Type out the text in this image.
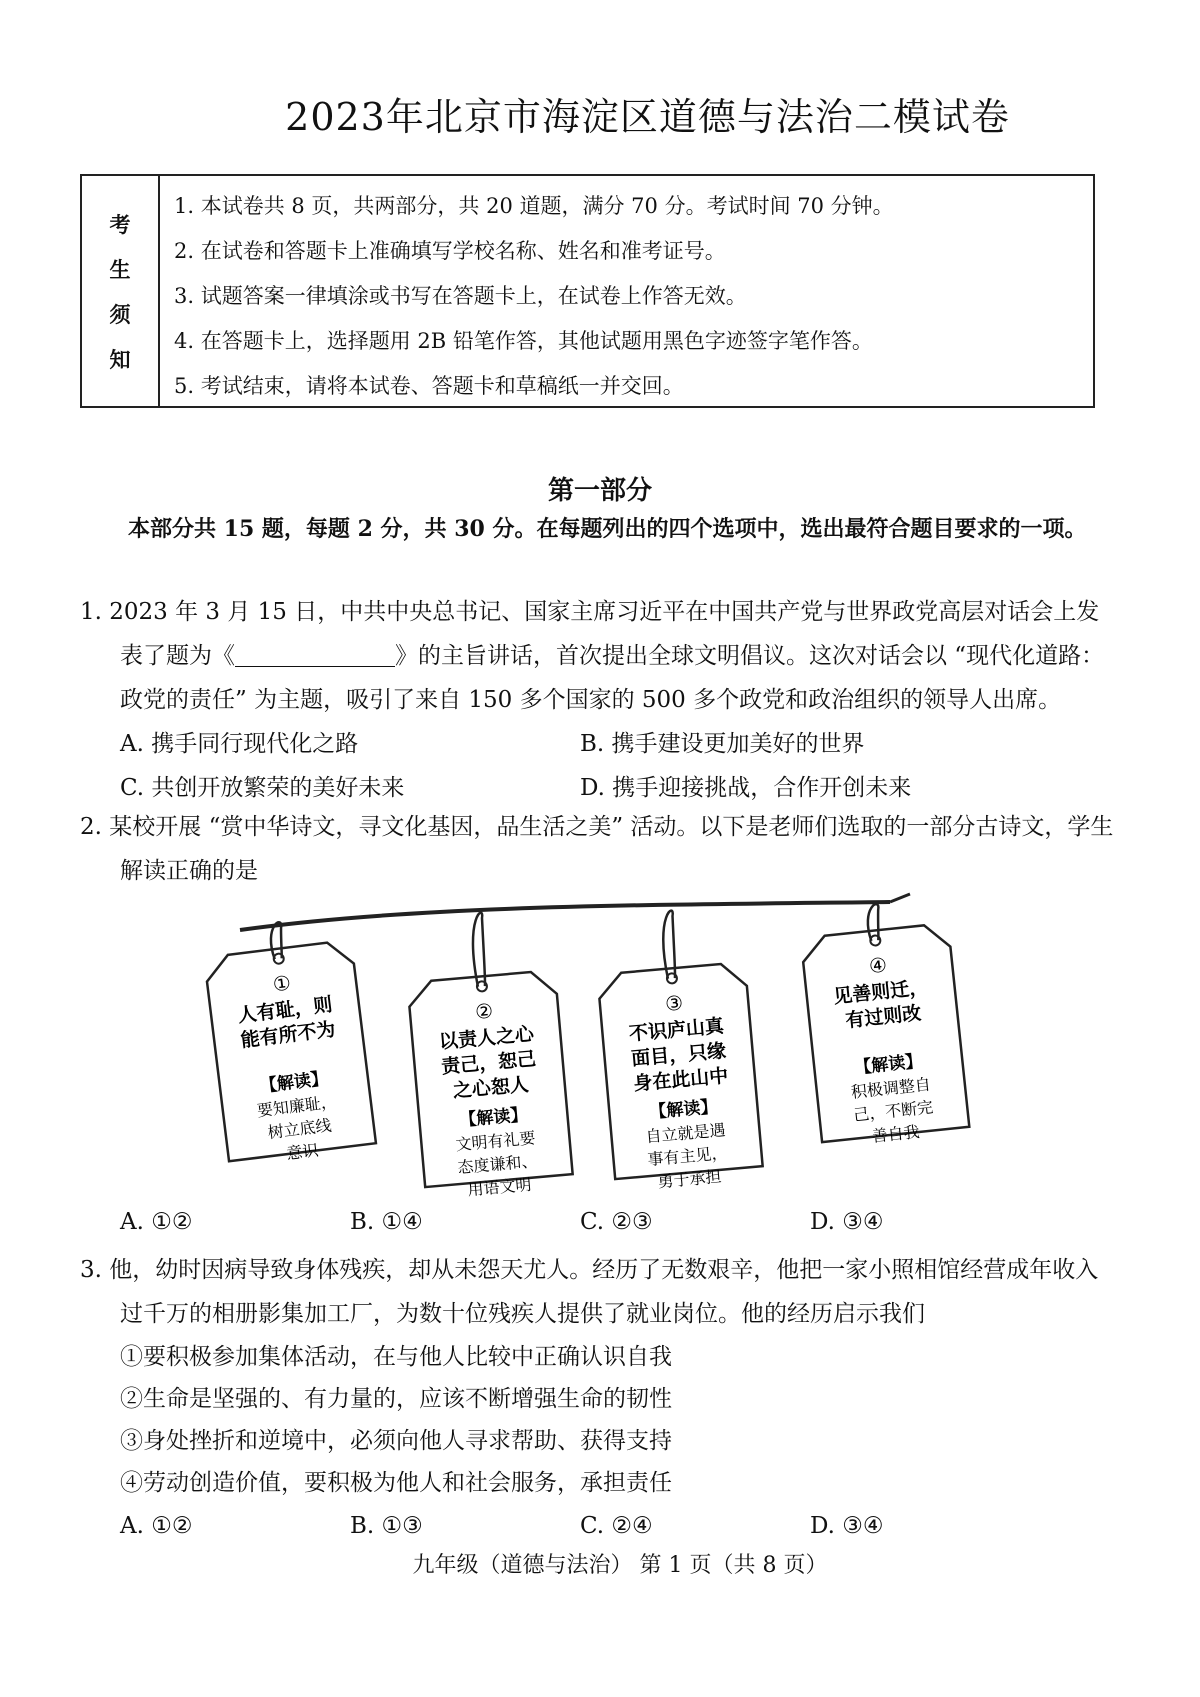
2023年北京市海淀区道德与法治二模试卷
考
生
须
知
1. 本试卷共 8 页，共两部分，共 20 道题，满分 70 分。考试时间 70 分钟。
2. 在试卷和答题卡上准确填写学校名称、姓名和准考证号。
3. 试题答案一律填涂或书写在答题卡上，在试卷上作答无效。
4. 在答题卡上，选择题用 2B 铅笔作答，其他试题用黑色字迹签字笔作答。
5. 考试结束，请将本试卷、答题卡和草稿纸一并交回。
第一部分
本部分共 15 题，每题 2 分，共 30 分。在每题列出的四个选项中，选出最符合题目要求的一项。
1. 2023 年 3 月 15 日，中共中央总书记、国家主席习近平在中国共产党与世界政党高层对话会上发表了题为《	》的主旨讲话，首次提出全球文明倡议。这次对话会以 “现代化道路：政党的责任” 为主题，吸引了来自 150 多个国家的 500 多个政党和政治组织的领导人出席。
A. 携手同行现代化之路	B. 携手建设更加美好的世界
C. 共创开放繁荣的美好未来	D. 携手迎接挑战，合作开创未来
2. 某校开展 “赏中华诗文，寻文化基因，品生活之美” 活动。以下是老师们选取的一部分古诗文，学生解读正确的是
①
人有耻，则
能有所不为
【解读】
要知廉耻，
树立底线
意识
②
以责人之心
责己，恕己
之心恕人
【解读】
文明有礼要
态度谦和、
用语文明
③
不识庐山真
面目，只缘
身在此山中
【解读】
自立就是遇
事有主见，
勇于承担
④
见善则迁，
有过则改
【解读】
积极调整自
己，不断完
善自我
A. ①②	B. ①④	C. ②③	D. ③④
3. 他，幼时因病导致身体残疾，却从未怨天尤人。经历了无数艰辛，他把一家小照相馆经营成年收入过千万的相册影集加工厂，为数十位残疾人提供了就业岗位。他的经历启示我们
①要积极参加集体活动，在与他人比较中正确认识自我
②生命是坚强的、有力量的，应该不断增强生命的韧性
③身处挫折和逆境中，必须向他人寻求帮助、获得支持
④劳动创造价值，要积极为他人和社会服务，承担责任
A. ①②	B. ①③	C. ②④	D. ③④
九年级（道德与法治） 第 1 页（共 8 页）
